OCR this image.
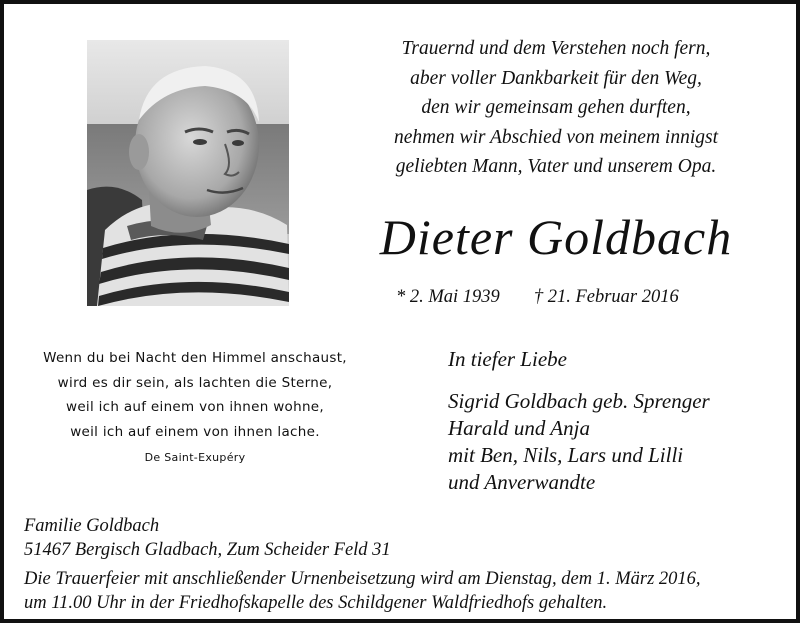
Trauernd und dem Verstehen noch fern,
aber voller Dankbarkeit für den Weg,
den wir gemeinsam gehen durften,
nehmen wir Abschied von meinem innigst
geliebten Mann, Vater und unserem Opa.
Dieter Goldbach
* 2. Mai 1939 † 21. Februar 2016
Wenn du bei Nacht den Himmel anschaust,
wird es dir sein, als lachten die Sterne,
weil ich auf einem von ihnen wohne,
weil ich auf einem von ihnen lache.
De Saint-Exupéry
In tiefer Liebe
Sigrid Goldbach geb. Sprenger
Harald und Anja
mit Ben, Nils, Lars und Lilli
und Anverwandte
Familie Goldbach
51467 Bergisch Gladbach, Zum Scheider Feld 31
Die Trauerfeier mit anschließender Urnenbeisetzung wird am Dienstag, dem 1. März 2016,
um 11.00 Uhr in der Friedhofskapelle des Schildgener Waldfriedhofs gehalten.
